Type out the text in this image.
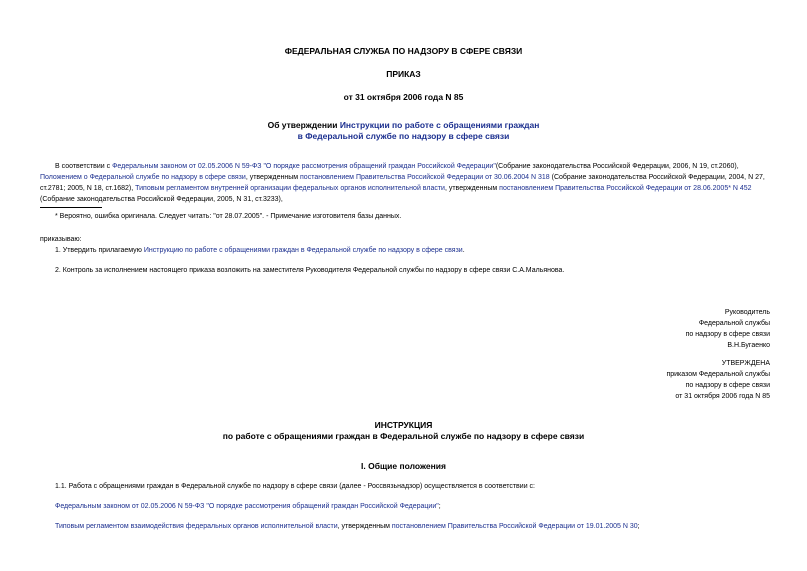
ФЕДЕРАЛЬНАЯ СЛУЖБА ПО НАДЗОРУ В СФЕРЕ СВЯЗИ
ПРИКАЗ
от 31 октября 2006 года N 85
Об утверждении Инструкции по работе с обращениями граждан
в Федеральной службе по надзору в сфере связи
В соответствии с Федеральным законом от 02.05.2006 N 59-ФЗ "О порядке рассмотрения обращений граждан Российской Федерации"(Собрание законодательства Российской Федерации, 2006, N 19, ст.2060), Положением о Федеральной службе по надзору в сфере связи, утвержденным постановлением Правительства Российской Федерации от 30.06.2004 N 318 (Собрание законодательства Российской Федерации, 2004, N 27, ст.2781; 2005, N 18, ст.1682), Типовым регламентом внутренней организации федеральных органов исполнительной власти, утвержденным постановлением Правительства Российской Федерации от 28.06.2005* N 452 (Собрание законодательства Российской Федерации, 2005, N 31, ст.3233),
* Вероятно, ошибка оригинала. Следует читать: "от 28.07.2005". - Примечание изготовителя базы данных.
приказываю:
1. Утвердить прилагаемую Инструкцию по работе с обращениями граждан в Федеральной службе по надзору в сфере связи.
2. Контроль за исполнением настоящего приказа возложить на заместителя Руководителя Федеральной службы по надзору в сфере связи С.А.Мальянова.
Руководитель
Федеральной службы
по надзору в сфере связи
В.Н.Бугаенко
УТВЕРЖДЕНА
приказом Федеральной службы
по надзору в сфере связи
от 31 октября 2006 года N 85
ИНСТРУКЦИЯ
по работе с обращениями граждан в Федеральной службе по надзору в сфере связи
I. Общие положения
1.1. Работа с обращениями граждан в Федеральной службе по надзору в сфере связи (далее - Россвязьнадзор) осуществляется в соответствии с:
Федеральным законом от 02.05.2006 N 59-ФЗ "О порядке рассмотрения обращений граждан Российской Федерации";
Типовым регламентом взаимодействия федеральных органов исполнительной власти, утвержденным постановлением Правительства Российской Федерации от 19.01.2005 N 30;
